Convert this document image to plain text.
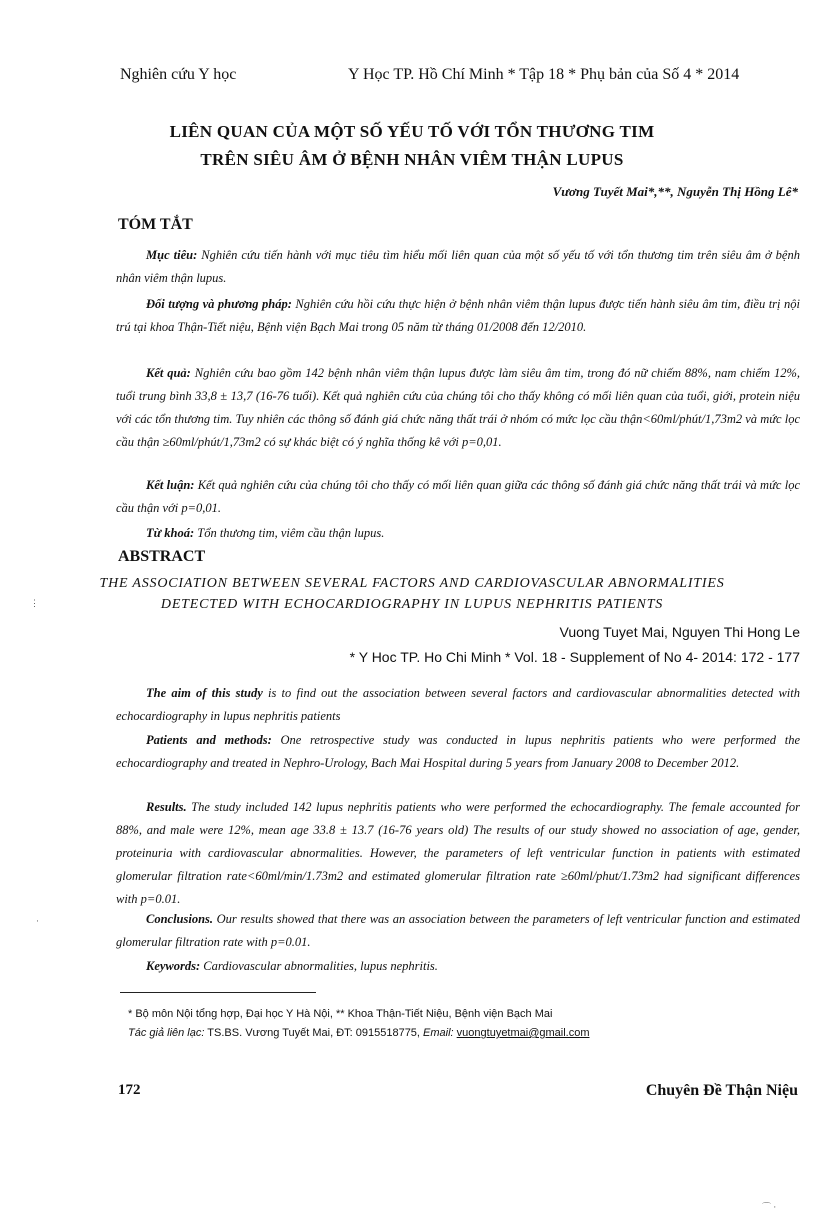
Nghiên cứu Y học	Y Học TP. Hồ Chí Minh * Tập 18 * Phụ bản của Số 4 * 2014
LIÊN QUAN CỦA MỘT SỐ YẾU TỐ VỚI TỔN THƯƠNG TIM
TRÊN SIÊU ÂM Ở BỆNH NHÂN VIÊM THẬN LUPUS
Vương Tuyết Mai*,**, Nguyễn Thị Hồng Lê*
TÓM TẮT
Mục tiêu: Nghiên cứu tiến hành với mục tiêu tìm hiểu mối liên quan của một số yếu tố với tổn thương tim trên siêu âm ở bệnh nhân viêm thận lupus.
Đối tượng và phương pháp: Nghiên cứu hồi cứu thực hiện ở bệnh nhân viêm thận lupus được tiến hành siêu âm tim, điều trị nội trú tại khoa Thận-Tiết niệu, Bệnh viện Bạch Mai trong 05 năm từ tháng 01/2008 đến 12/2010.
Kết quả: Nghiên cứu bao gồm 142 bệnh nhân viêm thận lupus được làm siêu âm tim, trong đó nữ chiếm 88%, nam chiếm 12%, tuổi trung bình 33,8 ± 13,7 (16-76 tuổi). Kết quả nghiên cứu của chúng tôi cho thấy không có mối liên quan của tuổi, giới, protein niệu với các tổn thương tim. Tuy nhiên các thông số đánh giá chức năng thất trái ở nhóm có mức lọc cầu thận<60ml/phút/1,73m2 và mức lọc cầu thận ≥60ml/phút/1,73m2 có sự khác biệt có ý nghĩa thống kê với p=0,01.
Kết luận: Kết quả nghiên cứu của chúng tôi cho thấy có mối liên quan giữa các thông số đánh giá chức năng thất trái và mức lọc cầu thận với p=0,01.
Từ khoá: Tổn thương tim, viêm cầu thận lupus.
ABSTRACT
THE ASSOCIATION BETWEEN SEVERAL FACTORS AND CARDIOVASCULAR ABNORMALITIES
DETECTED WITH ECHOCARDIOGRAPHY IN LUPUS NEPHRITIS PATIENTS
Vuong Tuyet Mai, Nguyen Thi Hong Le
* Y Hoc TP. Ho Chi Minh * Vol. 18 - Supplement of No 4- 2014: 172 - 177
The aim of this study is to find out the association between several factors and cardiovascular abnormalities detected with echocardiography in lupus nephritis patients
Patients and methods: One retrospective study was conducted in lupus nephritis patients who were performed the echocardiography and treated in Nephro-Urology, Bach Mai Hospital during 5 years from January 2008 to December 2012.
Results. The study included 142 lupus nephritis patients who were performed the echocardiography. The female accounted for 88%, and male were 12%, mean age 33.8 ± 13.7 (16-76 years old) The results of our study showed no association of age, gender, proteinuria with cardiovascular abnormalities. However, the parameters of left ventricular function in patients with estimated glomerular filtration rate<60ml/min/1.73m2 and estimated glomerular filtration rate ≥60ml/phut/1.73m2 had significant differences with p=0.01.
Conclusions. Our results showed that there was an association between the parameters of left ventricular function and estimated glomerular filtration rate with p=0.01.
Keywords: Cardiovascular abnormalities, lupus nephritis.
* Bộ môn Nội tổng hợp, Đại học Y Hà Nội, ** Khoa Thận-Tiết Niệu, Bệnh viện Bạch Mai
Tác giả liên lạc: TS.BS. Vương Tuyết Mai, ĐT: 0915518775, Email: vuongtuyetmai@gmail.com
172	Chuyên Đề Thận Niệu
⋮
·
⌒ ·
